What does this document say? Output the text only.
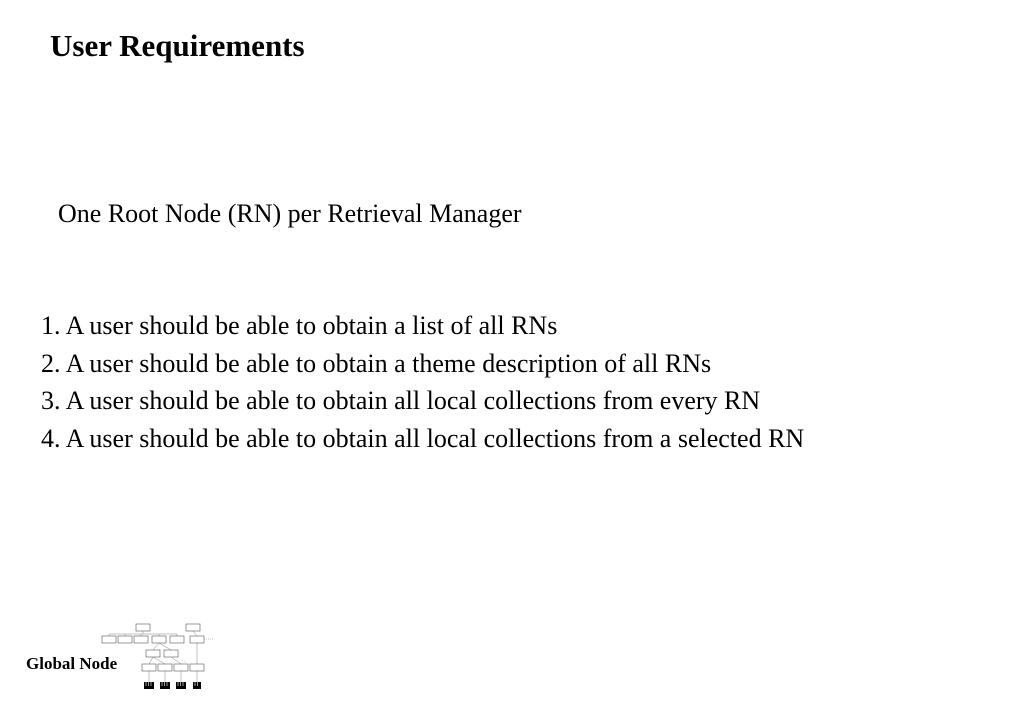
User Requirements
One Root Node (RN) per Retrieval Manager
1. A user should be able to obtain a list of all RNs
2. A user should be able to obtain a theme description of all RNs
3. A user should be able to obtain all local collections from every RN
4. A user should be able to obtain all local collections from a selected RN
Global Node
